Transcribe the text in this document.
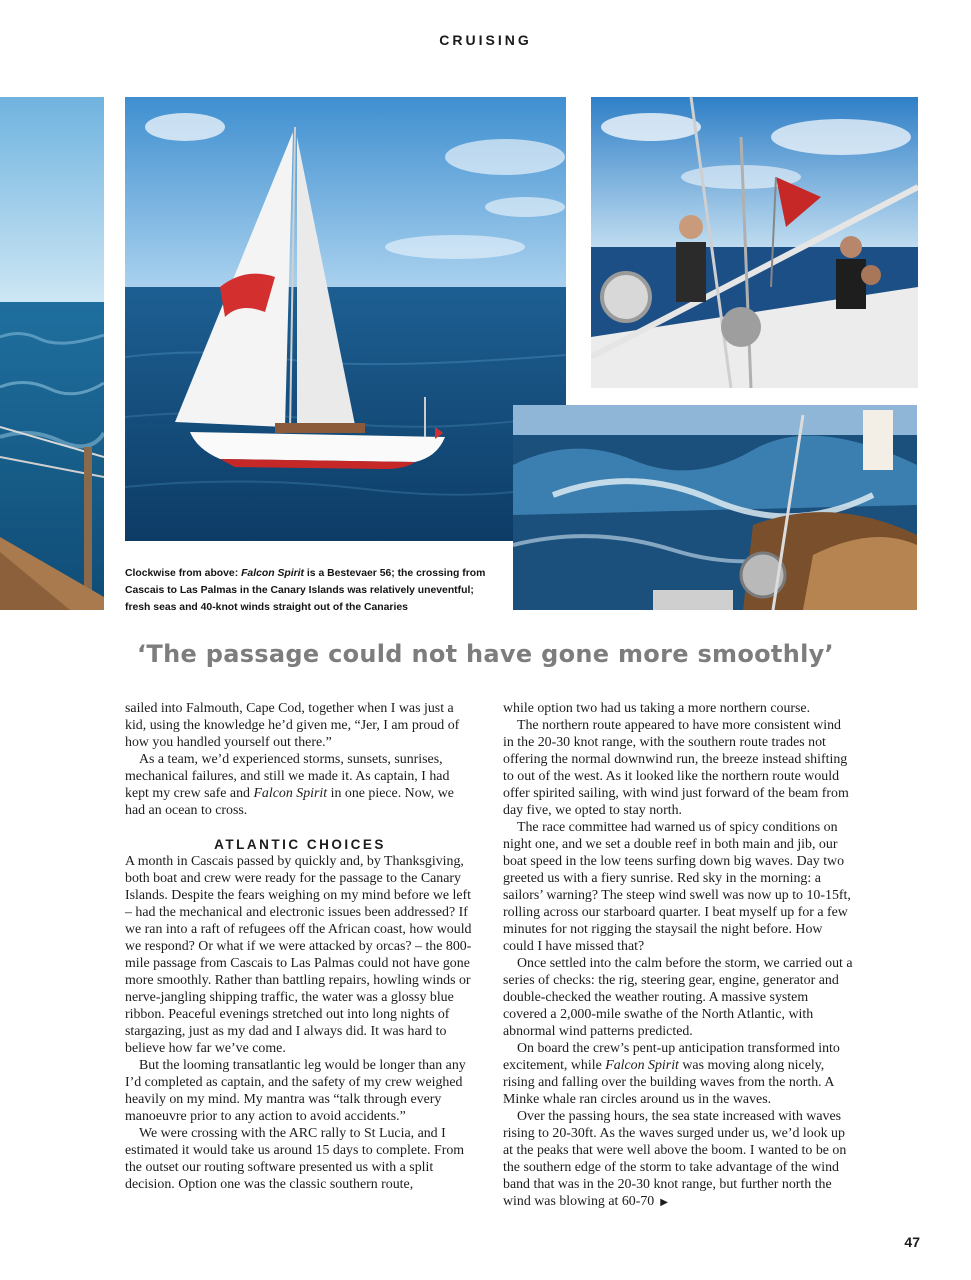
CRUISING
Clockwise from above: Falcon Spirit is a Bestevaer 56; the crossing from Cascais to Las Palmas in the Canary Islands was relatively uneventful; fresh seas and 40-knot winds straight out of the Canaries
‘The passage could not have gone more smoothly’

sailed into Falmouth, Cape Cod, together when I was just a kid, using the knowledge he’d given me, “Jer, I am proud of how you handled yourself out there.”

As a team, we’d experienced storms, sunsets, sunrises, mechanical failures, and still we made it. As captain, I had kept my crew safe and Falcon Spirit in one piece. Now, we had an ocean to cross.

ATLANTIC CHOICES

A month in Cascais passed by quickly and, by Thanksgiving, both boat and crew were ready for the passage to the Canary Islands. Despite the fears weighing on my mind before we left – had the mechanical and electronic issues been addressed? If we ran into a raft of refugees off the African coast, how would we respond? Or what if we were attacked by orcas? – the 800-mile passage from Cascais to Las Palmas could not have gone more smoothly. Rather than battling repairs, howling winds or nerve-jangling shipping traffic, the water was a glossy blue ribbon. Peaceful evenings stretched out into long nights of stargazing, just as my dad and I always did. It was hard to believe how far we’ve come.

But the looming transatlantic leg would be longer than any I’d completed as captain, and the safety of my crew weighed heavily on my mind. My mantra was “talk through every manoeuvre prior to any action to avoid accidents.”

We were crossing with the ARC rally to St Lucia, and I estimated it would take us around 15 days to complete. From the outset our routing software presented us with a split decision. Option one was the classic southern route,

while option two had us taking a more northern course.

The northern route appeared to have more consistent wind in the 20-30 knot range, with the southern route trades not offering the normal downwind run, the breeze instead shifting to out of the west. As it looked like the northern route would offer spirited sailing, with wind just forward of the beam from day five, we opted to stay north.

The race committee had warned us of spicy conditions on night one, and we set a double reef in both main and jib, our boat speed in the low teens surfing down big waves. Day two greeted us with a fiery sunrise. Red sky in the morning: a sailors’ warning? The steep wind swell was now up to 10-15ft, rolling across our starboard quarter. I beat myself up for a few minutes for not rigging the staysail the night before. How could I have missed that?

Once settled into the calm before the storm, we carried out a series of checks: the rig, steering gear, engine, generator and double-checked the weather routing. A massive system covered a 2,000-mile swathe of the North Atlantic, with abnormal wind patterns predicted.

On board the crew’s pent-up anticipation transformed into excitement, while Falcon Spirit was moving along nicely, rising and falling over the building waves from the north. A Minke whale ran circles around us in the waves.

Over the passing hours, the sea state increased with waves rising to 20-30ft. As the waves surged under us, we’d look up at the peaks that were well above the boom. I wanted to be on the southern edge of the storm to take advantage of the wind band that was in the 20-30 knot range, but further north the wind was blowing at 60-70 ▶

47
